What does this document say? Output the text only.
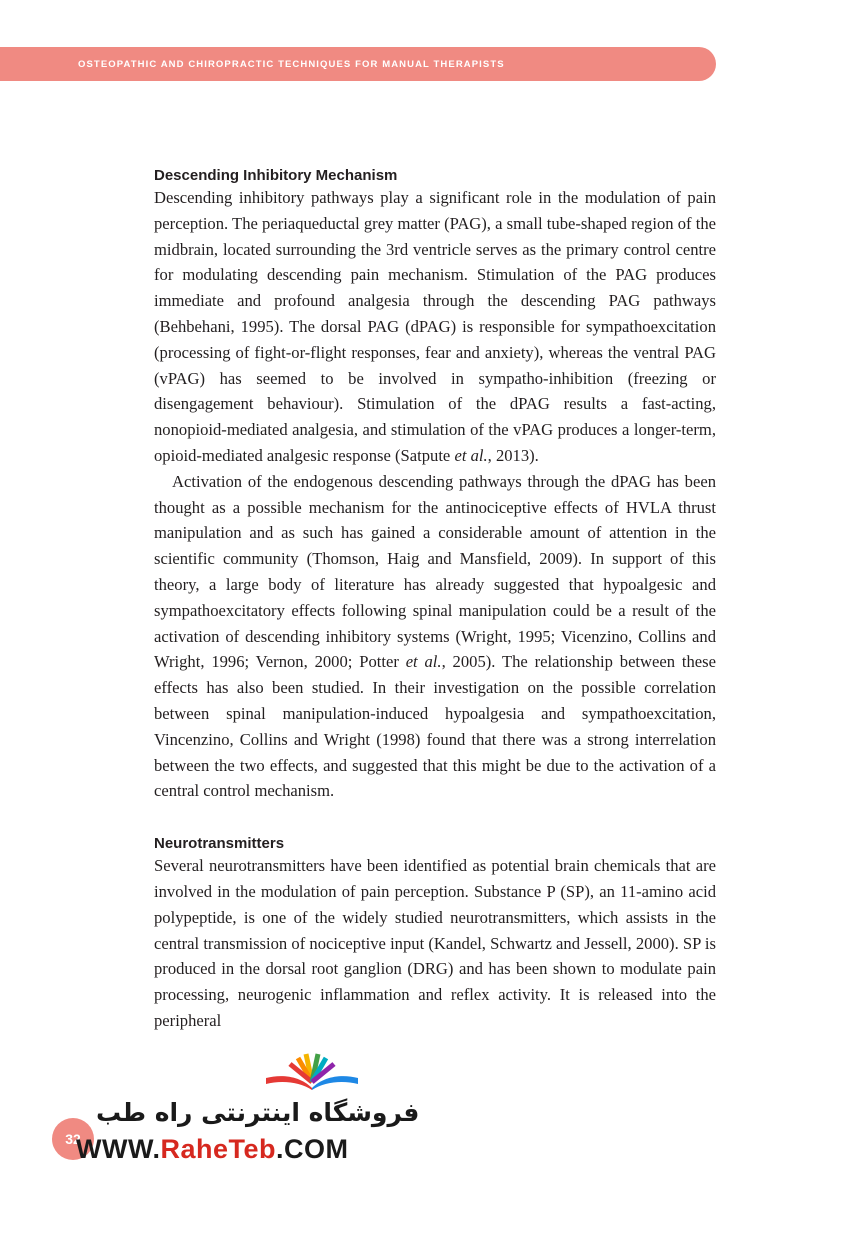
OSTEOPATHIC AND CHIROPRACTIC TECHNIQUES FOR MANUAL THERAPISTS
Descending Inhibitory Mechanism

Descending inhibitory pathways play a significant role in the modulation of pain perception. The periaqueductal grey matter (PAG), a small tube-shaped region of the midbrain, located surrounding the 3rd ventricle serves as the primary control centre for modulating descending pain mechanism. Stimulation of the PAG produces immediate and profound analgesia through the descending PAG pathways (Behbehani, 1995). The dorsal PAG (dPAG) is responsible for sympathoexcitation (processing of fight-or-flight responses, fear and anxiety), whereas the ventral PAG (vPAG) has seemed to be involved in sympatho-inhibition (freezing or disengagement behaviour). Stimulation of the dPAG results a fast-acting, nonopioid-mediated analgesia, and stimulation of the vPAG produces a longer-term, opioid-mediated analgesic response (Satpute et al., 2013).

Activation of the endogenous descending pathways through the dPAG has been thought as a possible mechanism for the antinociceptive effects of HVLA thrust manipulation and as such has gained a considerable amount of attention in the scientific community (Thomson, Haig and Mansfield, 2009). In support of this theory, a large body of literature has already suggested that hypoalgesic and sympathoexcitatory effects following spinal manipulation could be a result of the activation of descending inhibitory systems (Wright, 1995; Vicenzino, Collins and Wright, 1996; Vernon, 2000; Potter et al., 2005). The relationship between these effects has also been studied. In their investigation on the possible correlation between spinal manipulation-induced hypoalgesia and sympathoexcitation, Vincenzino, Collins and Wright (1998) found that there was a strong interrelation between the two effects, and suggested that this might be due to the activation of a central control mechanism.

Neurotransmitters

Several neurotransmitters have been identified as potential brain chemicals that are involved in the modulation of pain perception. Substance P (SP), an 11-amino acid polypeptide, is one of the widely studied neurotransmitters, which assists in the central transmission of nociceptive input (Kandel, Schwartz and Jessell, 2000). SP is produced in the dorsal root ganglion (DRG) and has been shown to modulate pain processing, neurogenic inflammation and reflex activity. It is released into the peripheral

32
فروشگاه اینترنتی راه طب
WWW.RaheTeb.COM
